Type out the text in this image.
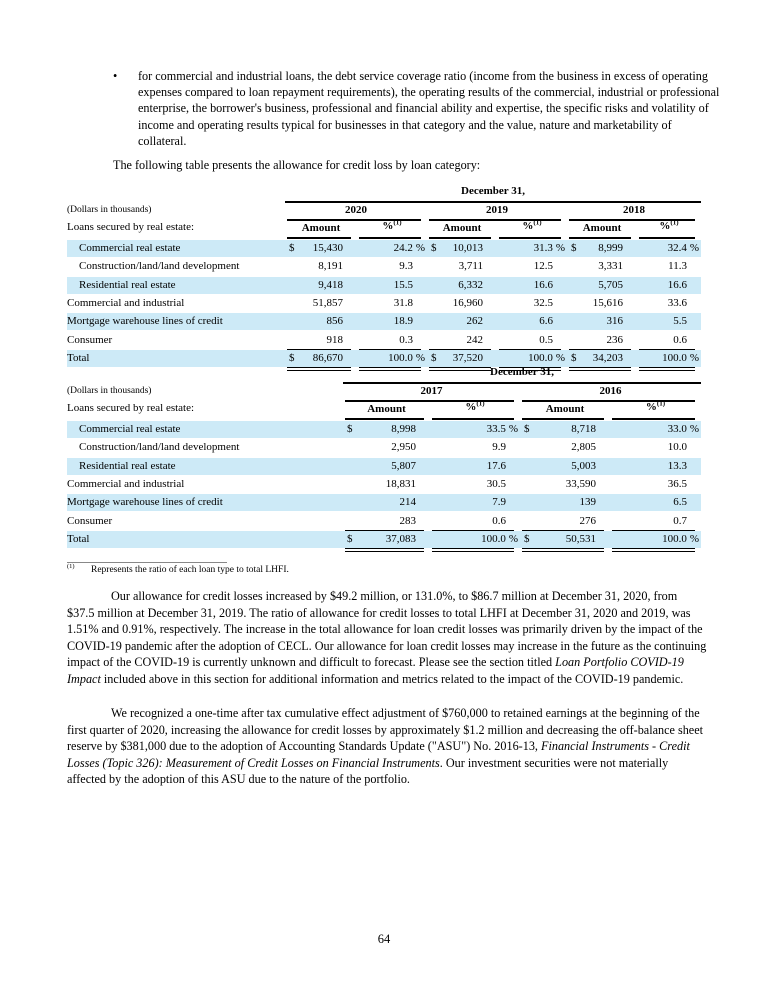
• for commercial and industrial loans, the debt service coverage ratio (income from the business in excess of operating expenses compared to loan repayment requirements), the operating results of the commercial, industrial or professional enterprise, the borrower's business, professional and financial ability and expertise, the specific risks and volatility of income and operating results typical for businesses in that category and the value, nature and marketability of collateral.
The following table presents the allowance for credit loss by loan category:
December 31,
(Dollars in thousands)
Loans secured by real estate:
2020
Amount	%$^{(1)}$
2019
Amount	%$^{(1)}$
2018
Amount	%$^{(1)}$
Commercial real estate	$ 15,430	24.2 % $ 10,013	31.3 % $ 8,999	32.4 %
Construction/land/land development	8,191	9.3	3,711	12.5	3,331	11.3
Residential real estate	9,418	15.5	6,332	16.6	5,705	16.6
Commercial and industrial	51,857	31.8	16,960	32.5	15,616	33.6
Mortgage warehouse lines of credit	856	18.9	262	6.6	316	5.5
Consumer	918	0.3	242	0.5	236	0.6
Total	$ 86,670	100.0 % $ 37,520	100.0 % $ 34,203	100.0 %
December 31,
(Dollars in thousands)
Loans secured by real estate:
2017
Amount	%$^{(1)}$
2016
Amount	%$^{(1)}$
Commercial real estate	$	8,998	33.5 % $	8,718	33.0 %
Construction/land/land development	2,950	9.9	2,805	10.0
Residential real estate	5,807	17.6	5,003	13.3
Commercial and industrial	18,831	30.5	33,590	36.5
Mortgage warehouse lines of credit	214	7.9	139	6.5
Consumer	283	0.6	276	0.7
Total	$	37,083	100.0 % $	50,531	100.0 %
(1) Represents the ratio of each loan type to total LHFI.

Our allowance for credit losses increased by $49.2 million, or 131.0%, to $86.7 million at December 31, 2020, from $37.5 million at December 31, 2019. The ratio of allowance for credit losses to total LHFI at December 31, 2020 and 2019, was 1.51% and 0.91%, respectively. The increase in the total allowance for loan credit losses was primarily driven by the impact of the COVID-19 pandemic after the adoption of CECL. Our allowance for loan credit losses may increase in the future as the continuing impact of the COVID-19 is currently unknown and difficult to forecast. Please see the section titled Loan Portfolio COVID-19 Impact included above in this section for additional information and metrics related to the impact of the COVID-19 pandemic.

We recognized a one-time after tax cumulative effect adjustment of $760,000 to retained earnings at the beginning of the first quarter of 2020, increasing the allowance for credit losses by approximately $1.2 million and decreasing the off-balance sheet reserve by $381,000 due to the adoption of Accounting Standards Update ("ASU") No. 2016-13, Financial Instruments - Credit Losses (Topic 326): Measurement of Credit Losses on Financial Instruments. Our investment securities were not materially affected by the adoption of this ASU due to the nature of the portfolio.

64
